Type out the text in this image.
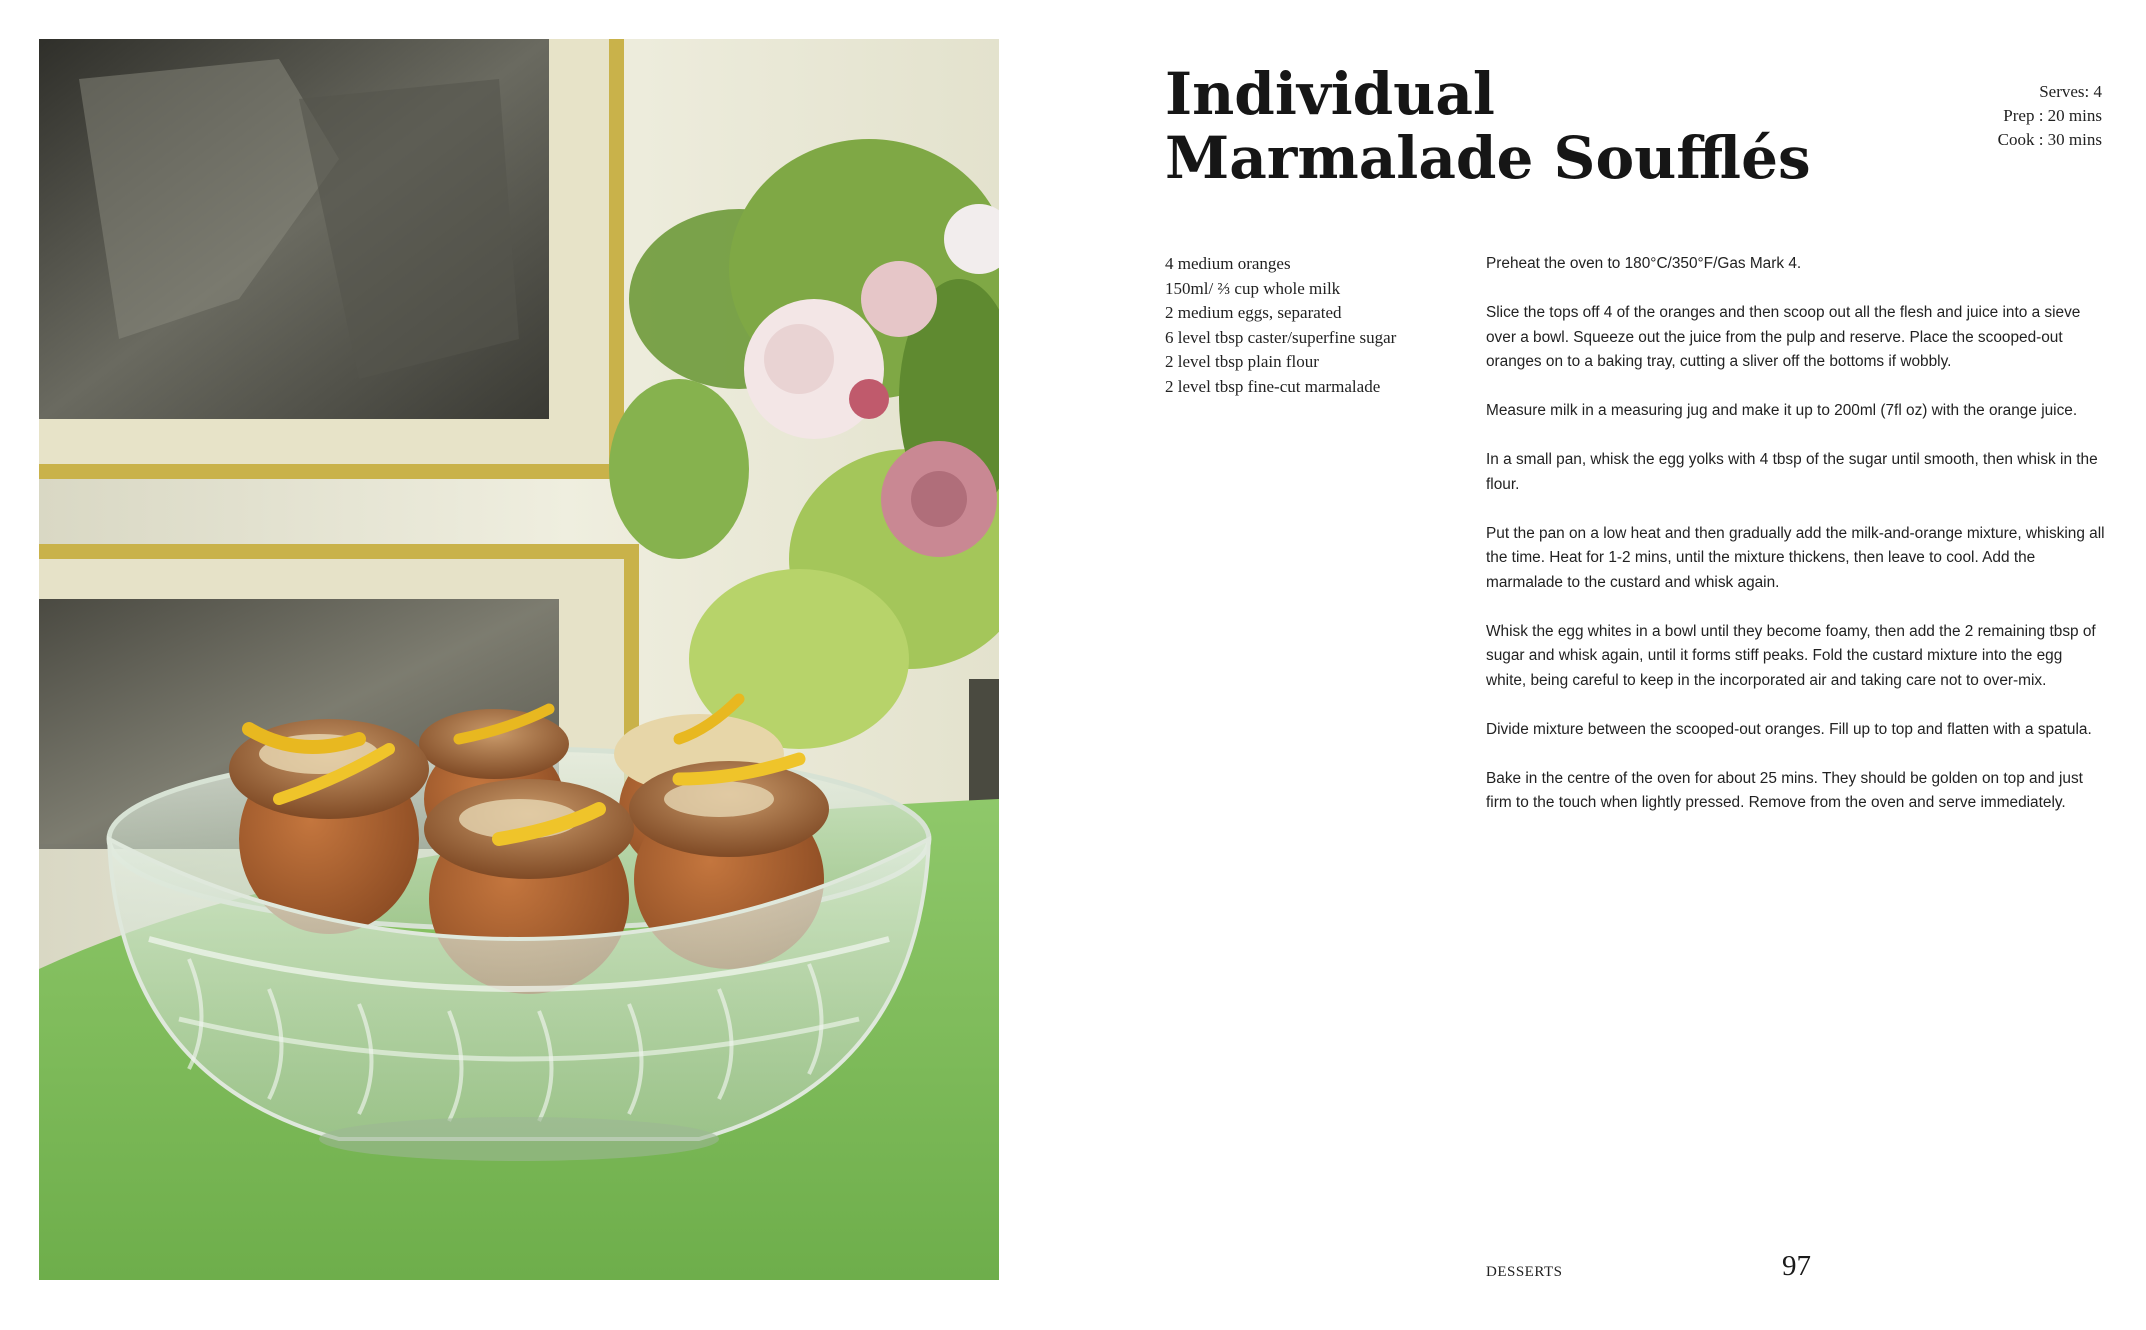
Individual
Marmalade Soufflés
Serves: 4
Prep : 20 mins
Cook : 30 mins
4 medium oranges
150ml/ ⅔ cup whole milk
2 medium eggs, separated
6 level tbsp caster/superfine sugar
2 level tbsp plain flour
2 level tbsp fine-cut marmalade

Preheat the oven to 180°C/350°F/Gas Mark 4.

Slice the tops off 4 of the oranges and then scoop out all the flesh and juice into a sieve over a bowl. Squeeze out the juice from the pulp and reserve. Place the scooped-out oranges on to a baking tray, cutting a sliver off the bottoms if wobbly.

Measure milk in a measuring jug and make it up to 200ml (7fl oz) with the orange juice.

In a small pan, whisk the egg yolks with 4 tbsp of the sugar until smooth, then whisk in the flour.

Put the pan on a low heat and then gradually add the milk-and-orange mixture, whisking all the time. Heat for 1-2 mins, until the mixture thickens, then leave to cool. Add the marmalade to the custard and whisk again.

Whisk the egg whites in a bowl until they become foamy, then add the 2 remaining tbsp of sugar and whisk again, until it forms stiff peaks. Fold the custard mixture into the egg white, being careful to keep in the incorporated air and taking care not to over-mix.

Divide mixture between the scooped-out oranges. Fill up to top and flatten with a spatula.

Bake in the centre of the oven for about 25 mins. They should be golden on top and just firm to the touch when lightly pressed. Remove from the oven and serve immediately.

DESSERTS	97
